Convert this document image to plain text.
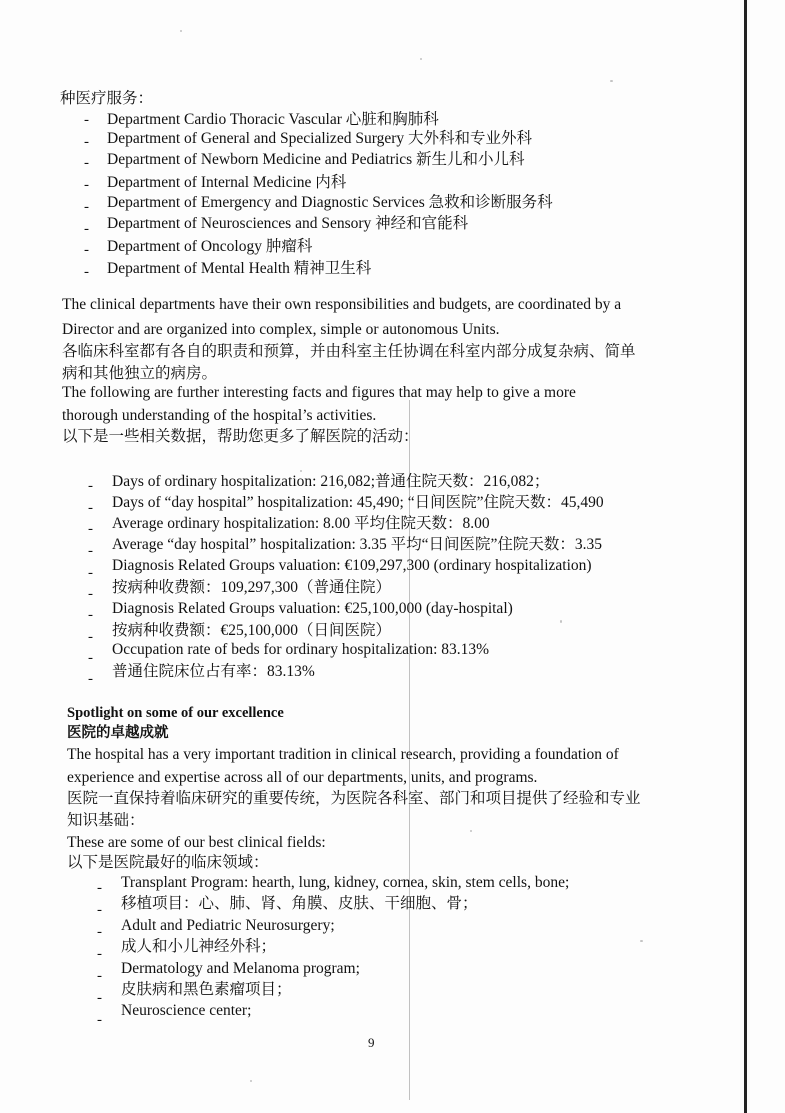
种医疗服务：
- Department Cardio Thoracic Vascular 心脏和胸肺科
- Department of General and Specialized Surgery 大外科和专业外科
- Department of Newborn Medicine and Pediatrics 新生儿和小儿科
- Department of Internal Medicine 内科
- Department of Emergency and Diagnostic Services 急救和诊断服务科
- Department of Neurosciences and Sensory 神经和官能科
- Department of Oncology 肿瘤科
- Department of Mental Health 精神卫生科
The clinical departments have their own responsibilities and budgets, are coordinated by a
Director and are organized into complex, simple or autonomous Units.
各临床科室都有各自的职责和预算，并由科室主任协调在科室内部分成复杂病、简单
病和其他独立的病房。
The following are further interesting facts and figures that may help to give a more
thorough understanding of the hospital’s activities.
以下是一些相关数据，帮助您更多了解医院的活动：
- Days of ordinary hospitalization: 216,082;普通住院天数：216,082；
- Days of “day hospital” hospitalization: 45,490; “日间医院”住院天数：45,490
- Average ordinary hospitalization: 8.00 平均住院天数：8.00
- Average “day hospital” hospitalization: 3.35 平均“日间医院”住院天数：3.35
- Diagnosis Related Groups valuation: €109,297,300 (ordinary hospitalization)
- 按病种收费额：109,297,300（普通住院）
- Diagnosis Related Groups valuation: €25,100,000 (day-hospital)
- 按病种收费额：€25,100,000（日间医院）
- Occupation rate of beds for ordinary hospitalization: 83.13%
- 普通住院床位占有率：83.13%
Spotlight on some of our excellence
医院的卓越成就
The hospital has a very important tradition in clinical research, providing a foundation of
experience and expertise across all of our departments, units, and programs.
医院一直保持着临床研究的重要传统，为医院各科室、部门和项目提供了经验和专业
知识基础：
These are some of our best clinical fields:
以下是医院最好的临床领域：
- Transplant Program: hearth, lung, kidney, cornea, skin, stem cells, bone;
- 移植项目：心、肺、肾、角膜、皮肤、干细胞、骨；
- Adult and Pediatric Neurosurgery;
- 成人和小儿神经外科；
- Dermatology and Melanoma program;
- 皮肤病和黑色素瘤项目；
-
Neuroscience center;
9
